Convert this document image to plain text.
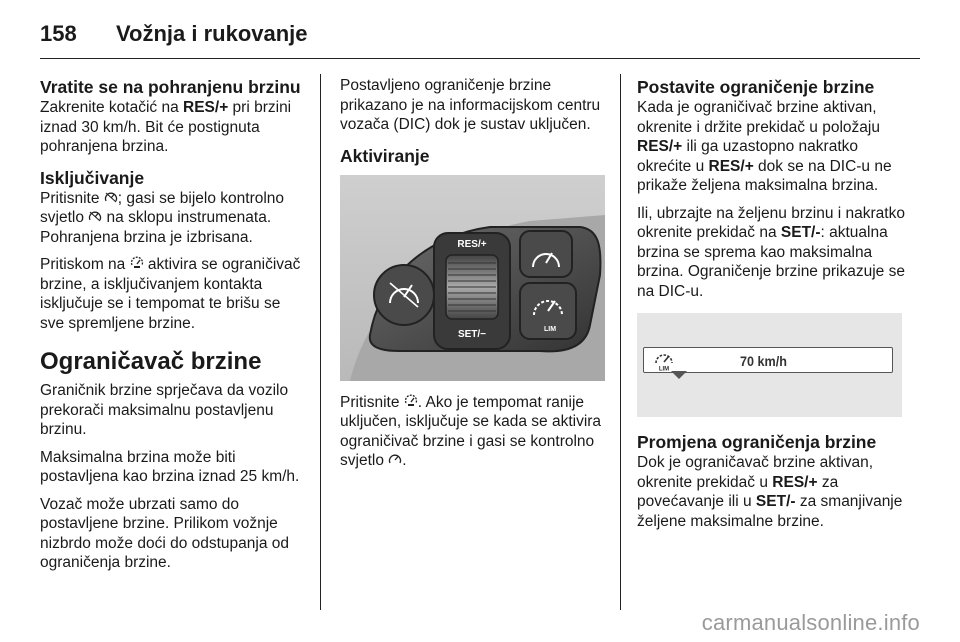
158	Vožnja i rukovanje
Vratite se na pohranjenu brzinu

Zakrenite kotačić na RES/+ pri brzini iznad 30 km/h. Bit će postignuta pohranjena brzina.

Isključivanje

Pritisnite ; gasi se bijelo kontrolno svjetlo  na sklopu instrumenata. Pohranjena brzina je izbrisana.

Pritiskom na  aktivira se ograničivač brzine, a isključivanjem kontakta isključuje se i tempomat te brišu se sve spremljene brzine.

Ograničavač brzine

Graničnik brzine sprječava da vozilo prekorači maksimalnu postavljenu brzinu.

Maksimalna brzina može biti postavljena kao brzina iznad 25 km/h.

Vozač može ubrzati samo do postavljene brzine. Prilikom vožnje nizbrdo može doći do odstupanja od ograničenja brzine.

Postavljeno ograničenje brzine prikazano je na informacijskom centru vozača (DIC) dok je sustav uključen.

Aktiviranje
RES/+
SET/−	LIM

Pritisnite . Ako je tempomat ranije uključen, isključuje se kada se aktivira ograničivač brzine i gasi se kontrolno svjetlo .

Postavite ograničenje brzine

Kada je ograničivač brzine aktivan, okrenite i držite prekidač u položaju RES/+ ili ga uzastopno nakratko okrećite u RES/+ dok se na DIC-u ne prikaže željena maksimalna brzina.

Ili, ubrzajte na željenu brzinu i nakratko okrenite prekidač na SET/-: aktualna brzina se sprema kao maksimalna brzina. Ograničenje brzine prikazuje se na DIC-u.

LIM
70 km/h
Promjena ograničenja brzine

Dok je ograničavač brzine aktivan, okrenite prekidač u RES/+ za povećavanje ili u SET/- za smanjivanje željene maksimalne brzine.

carmanualsonline.info
